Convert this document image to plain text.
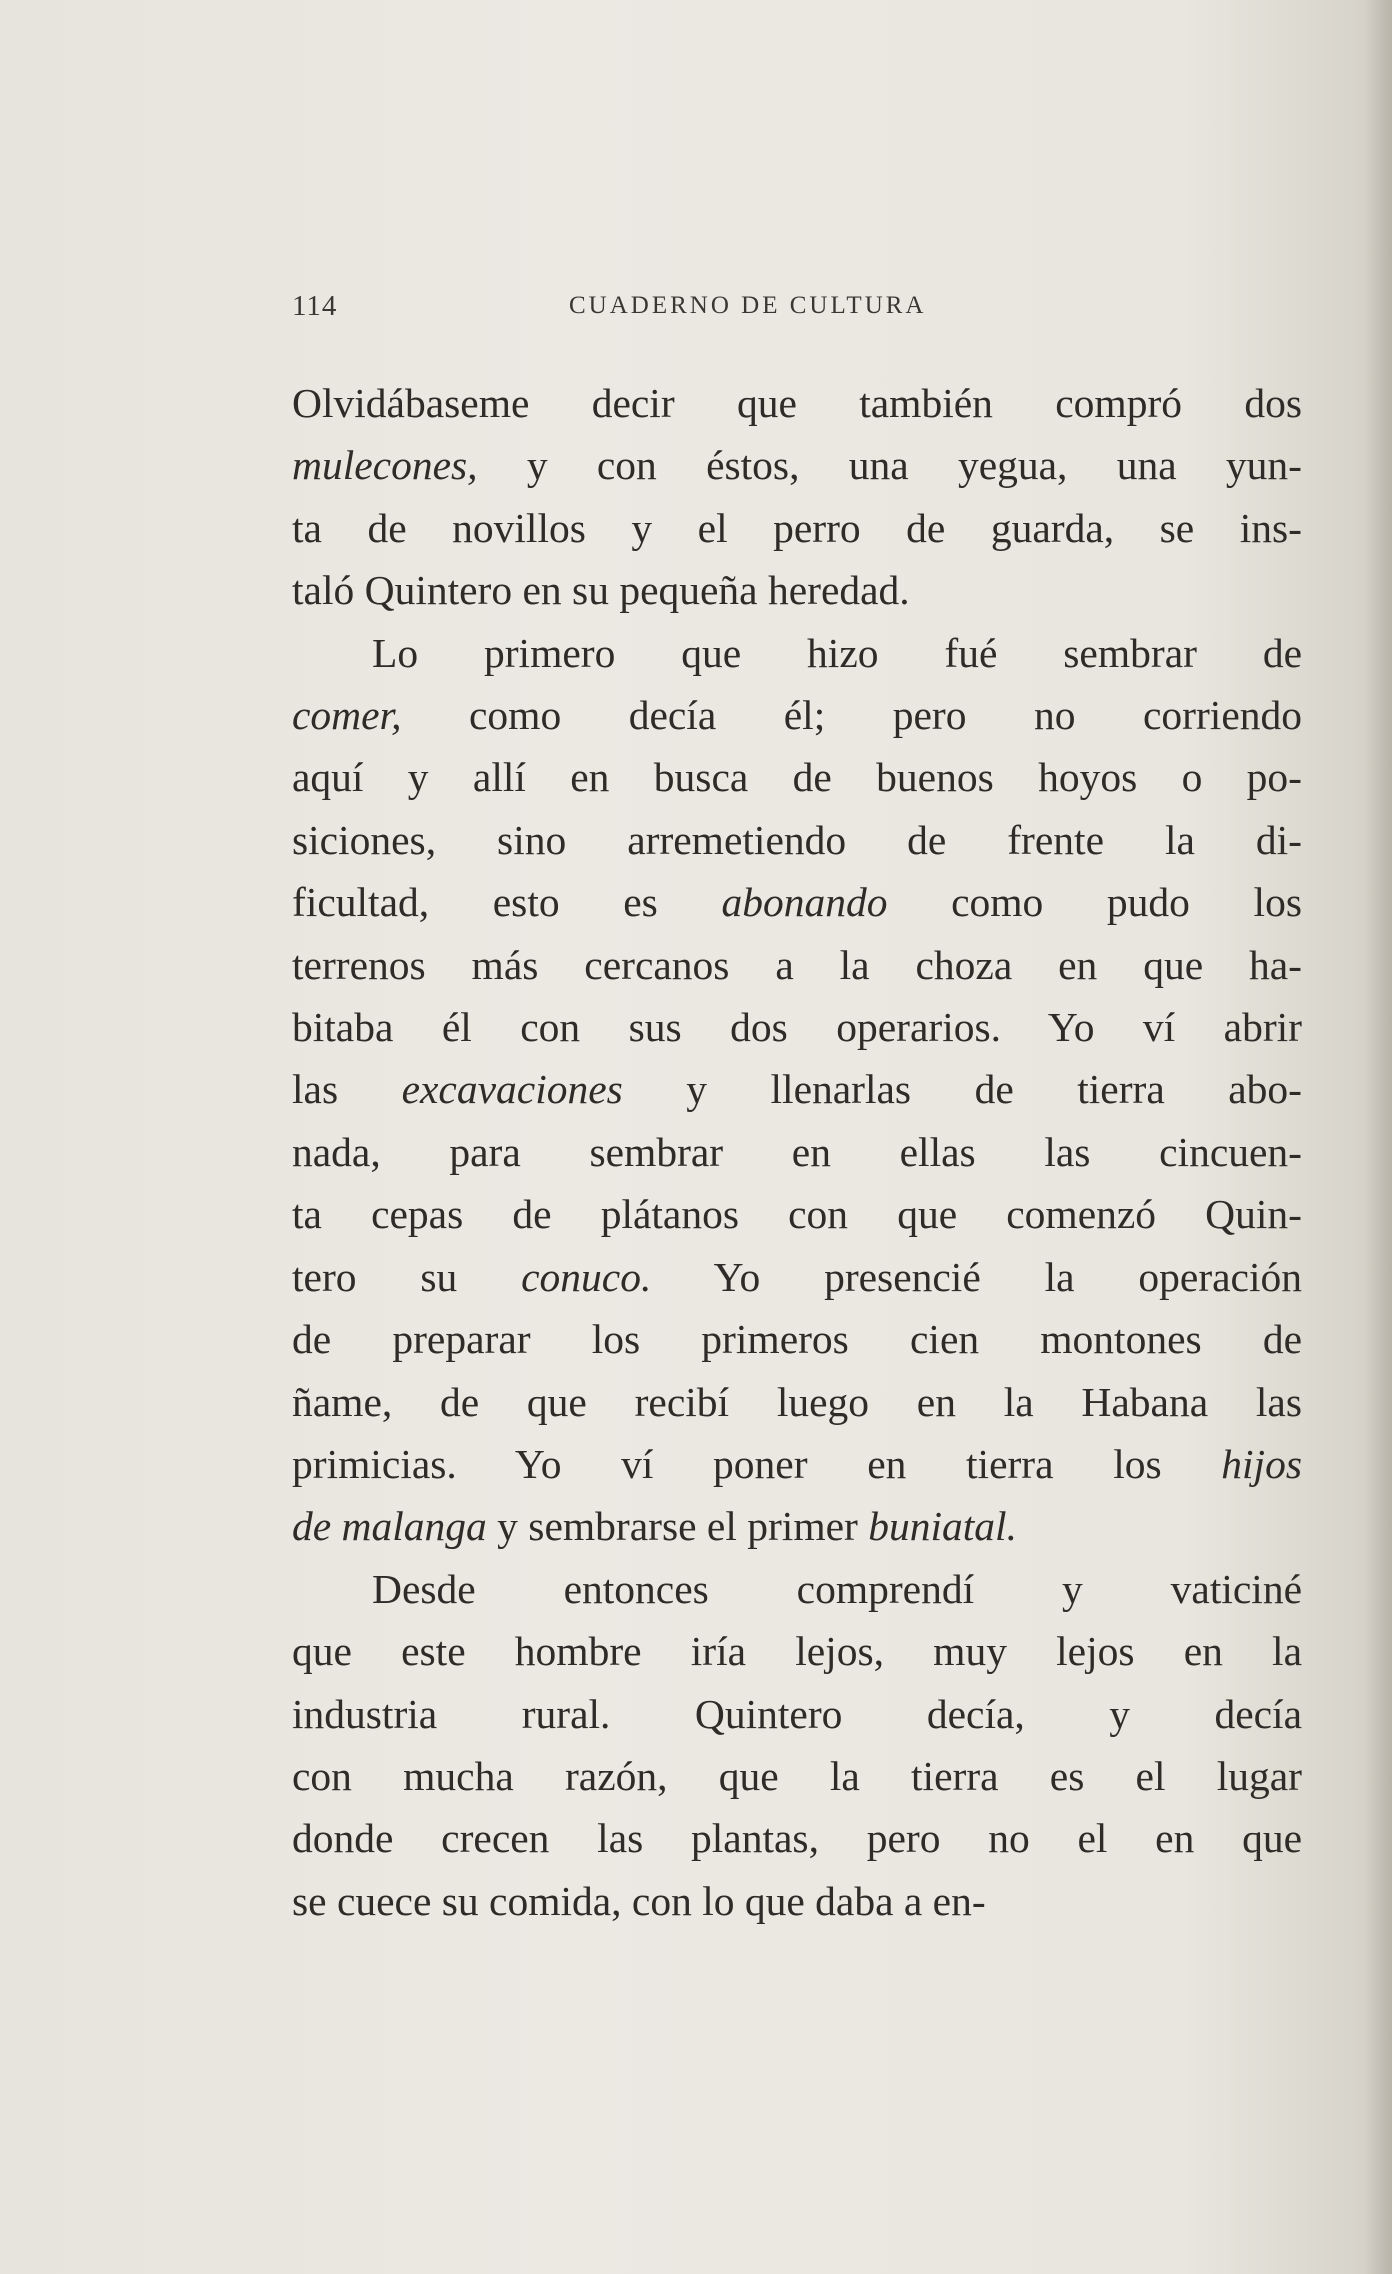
114	CUADERNO DE CULTURA
Olvidábaseme decir que también compró dos
mulecones, y con éstos, una yegua, una yun-
ta de novillos y el perro de guarda, se ins-
taló Quintero en su pequeña heredad.
Lo primero que hizo fué sembrar de
comer, como decía él; pero no corriendo
aquí y allí en busca de buenos hoyos o po-
siciones, sino arremetiendo de frente la di-
ficultad, esto es abonando como pudo los
terrenos más cercanos a la choza en que ha-
bitaba él con sus dos operarios. Yo ví abrir
las excavaciones y llenarlas de tierra abo-
nada, para sembrar en ellas las cincuen-
ta cepas de plátanos con que comenzó Quin-
tero su conuco. Yo presencié la operación
de preparar los primeros cien montones de
ñame, de que recibí luego en la Habana las
primicias. Yo ví poner en tierra los hijos
de malanga y sembrarse el primer buniatal.
Desde entonces comprendí y vaticiné
que este hombre iría lejos, muy lejos en la
industria rural. Quintero decía, y decía
con mucha razón, que la tierra es el lugar
donde crecen las plantas, pero no el en que
se cuece su comida, con lo que daba a en-
